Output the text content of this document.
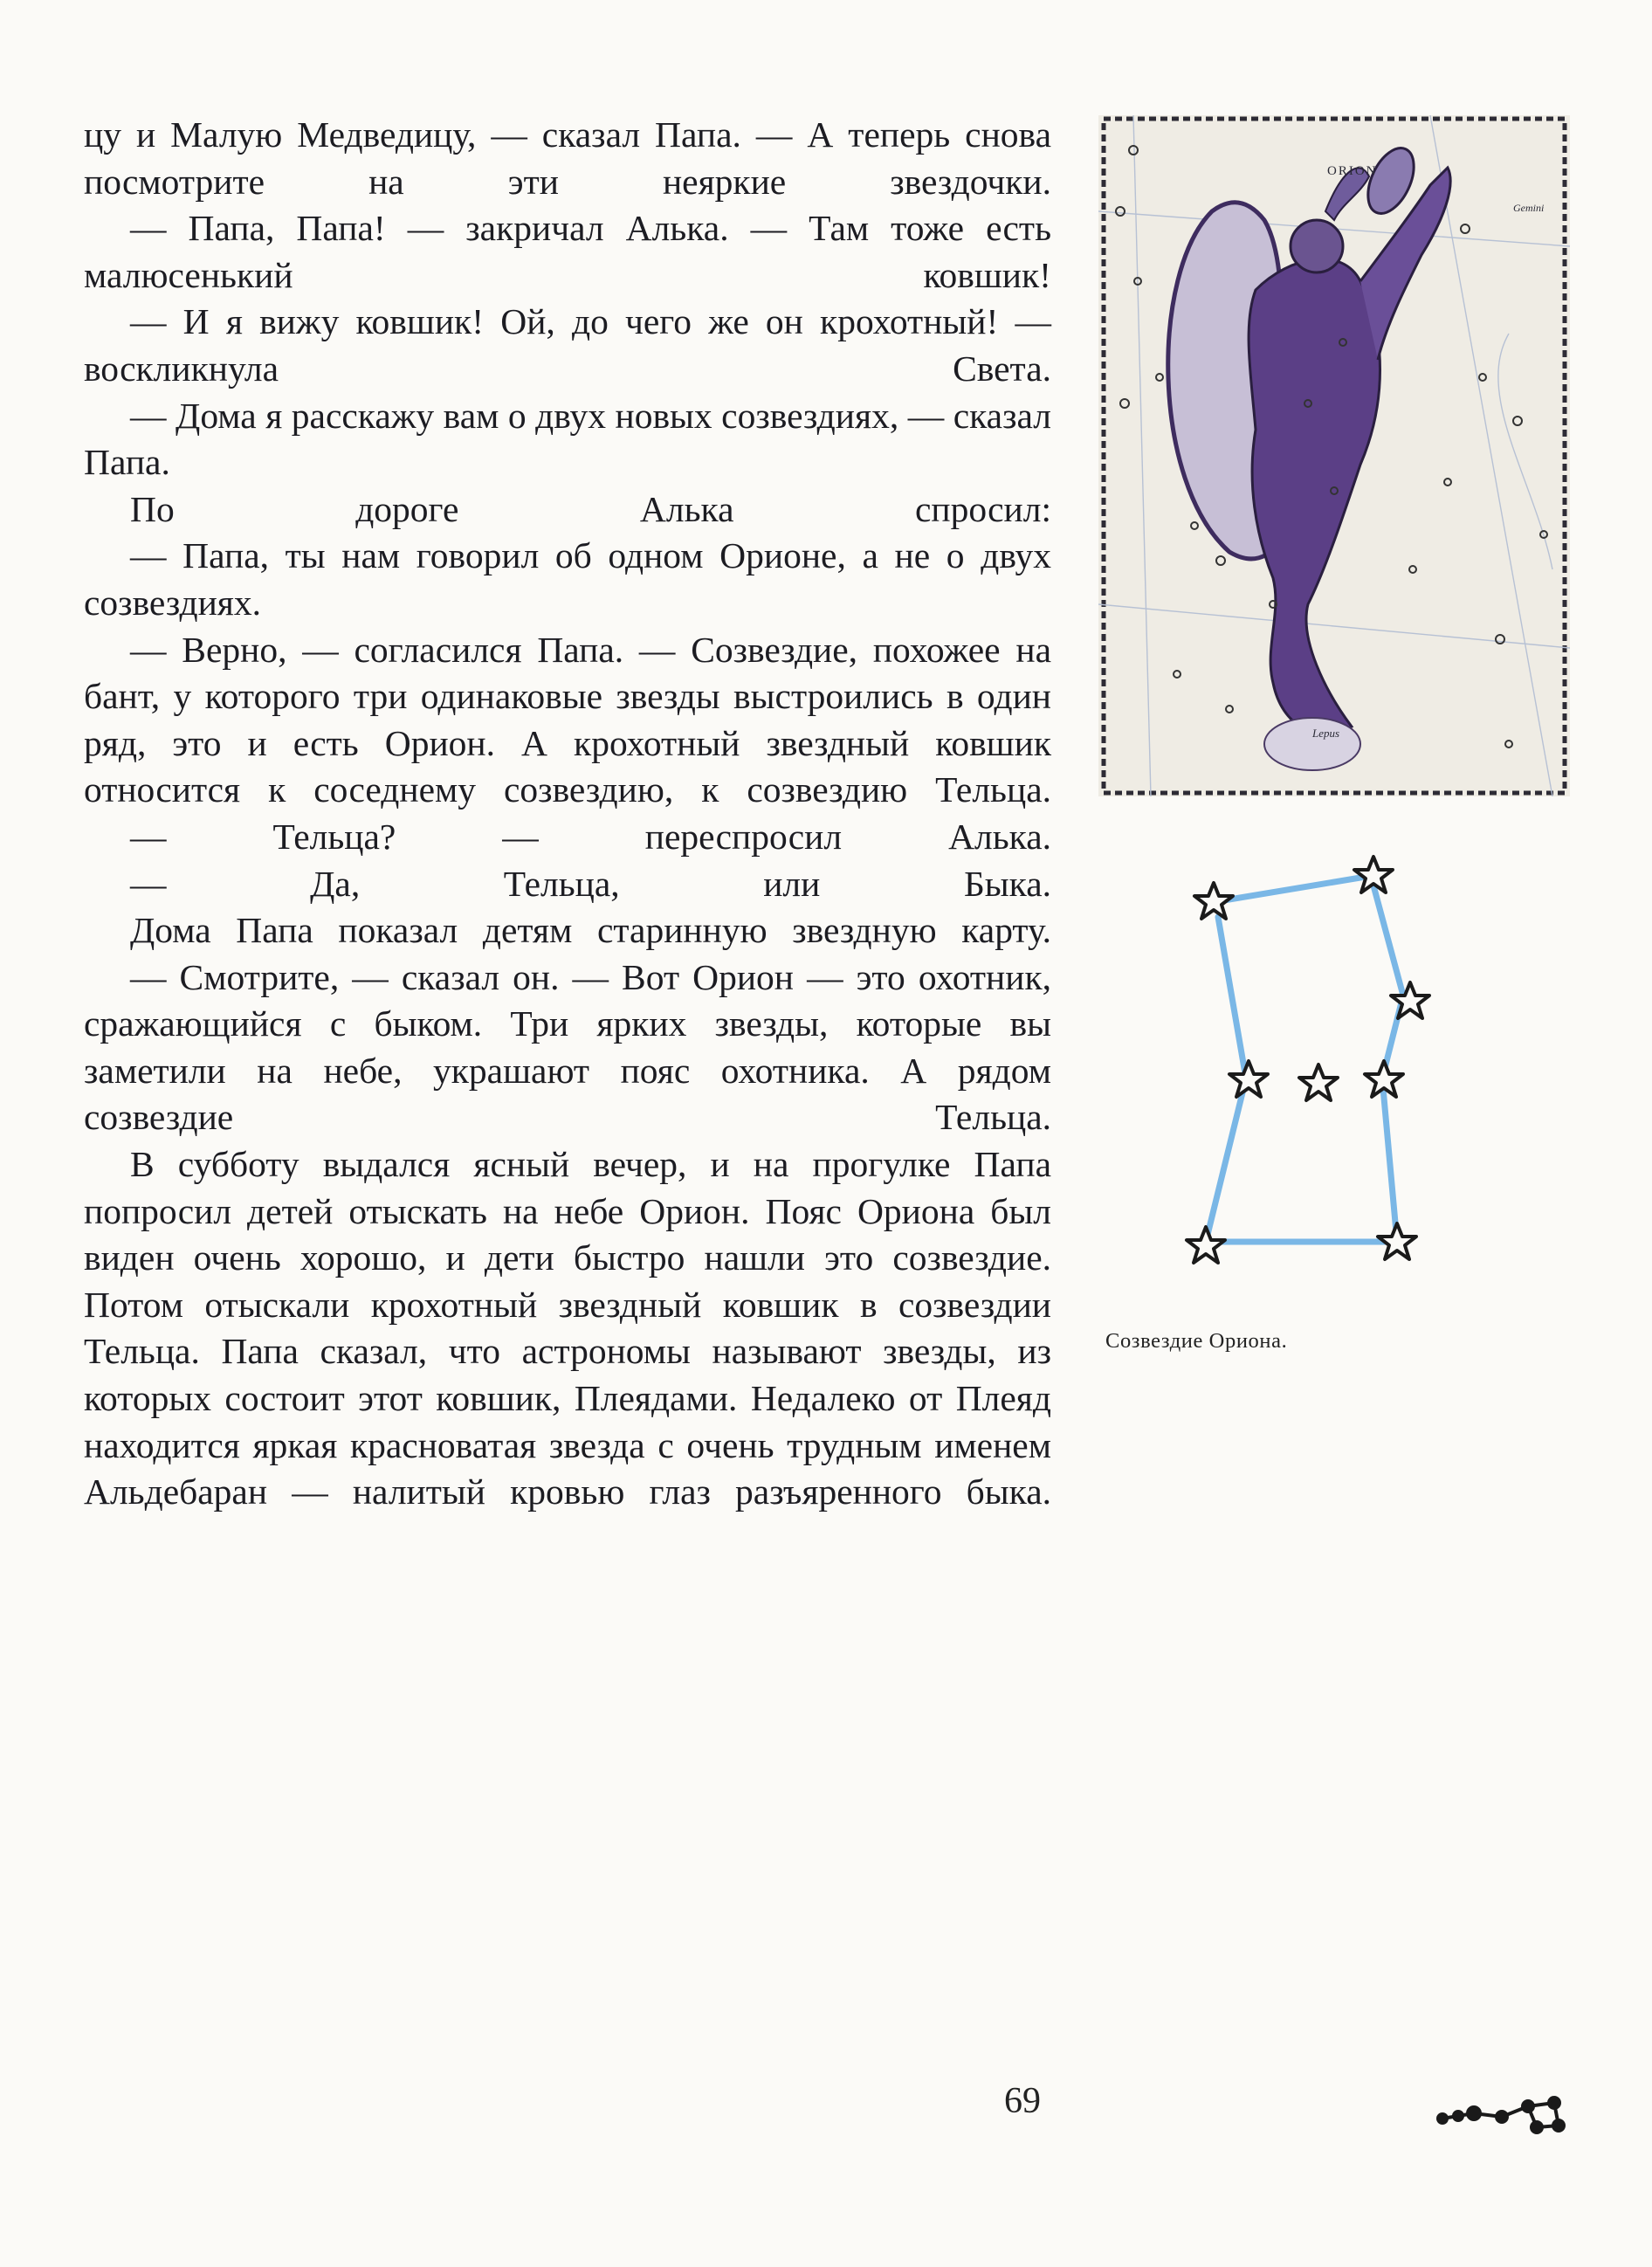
цу и Малую Медведицу, — сказал Папа. — А теперь снова посмотрите на эти неяркие звездочки.

— Папа, Папа! — закричал Алька. — Там тоже есть малюсенький ковшик!

— И я вижу ковшик! Ой, до чего же он крохотный! — воскликнула Света.

— Дома я расскажу вам о двух новых созвездиях, — сказал Папа.

По дороге Алька спросил:

— Папа, ты нам говорил об одном Орионе, а не о двух созвездиях.

— Верно, — согласился Папа. — Созвездие, похожее на бант, у которого три одинаковые звезды выстроились в один ряд, это и есть Орион. А крохотный звездный ковшик относится к соседнему созвездию, к созвездию Тельца.

— Тельца? — переспросил Алька.

— Да, Тельца, или Быка.

Дома Папа показал детям старинную звездную карту.

— Смотрите, — сказал он. — Вот Орион — это охотник, сражающийся с быком. Три ярких звезды, которые вы заметили на небе, украшают пояс охотника. А рядом созвездие Тельца.

В субботу выдался ясный вечер, и на прогулке Папа попросил детей отыскать на небе Орион. Пояс Ориона был виден очень хорошо, и дети быстро нашли это созвездие. Потом отыскали крохотный звездный ковшик в созвездии Тельца. Папа сказал, что астрономы называют звезды, из которых состоит этот ковшик, Плеядами. Недалеко от Плеяд находится яркая красноватая звезда с очень трудным именем Альдебаран — налитый кровью глаз разъяренного быка.

ORION
Gemini
Lepus
Созвездие Ориона.
69
